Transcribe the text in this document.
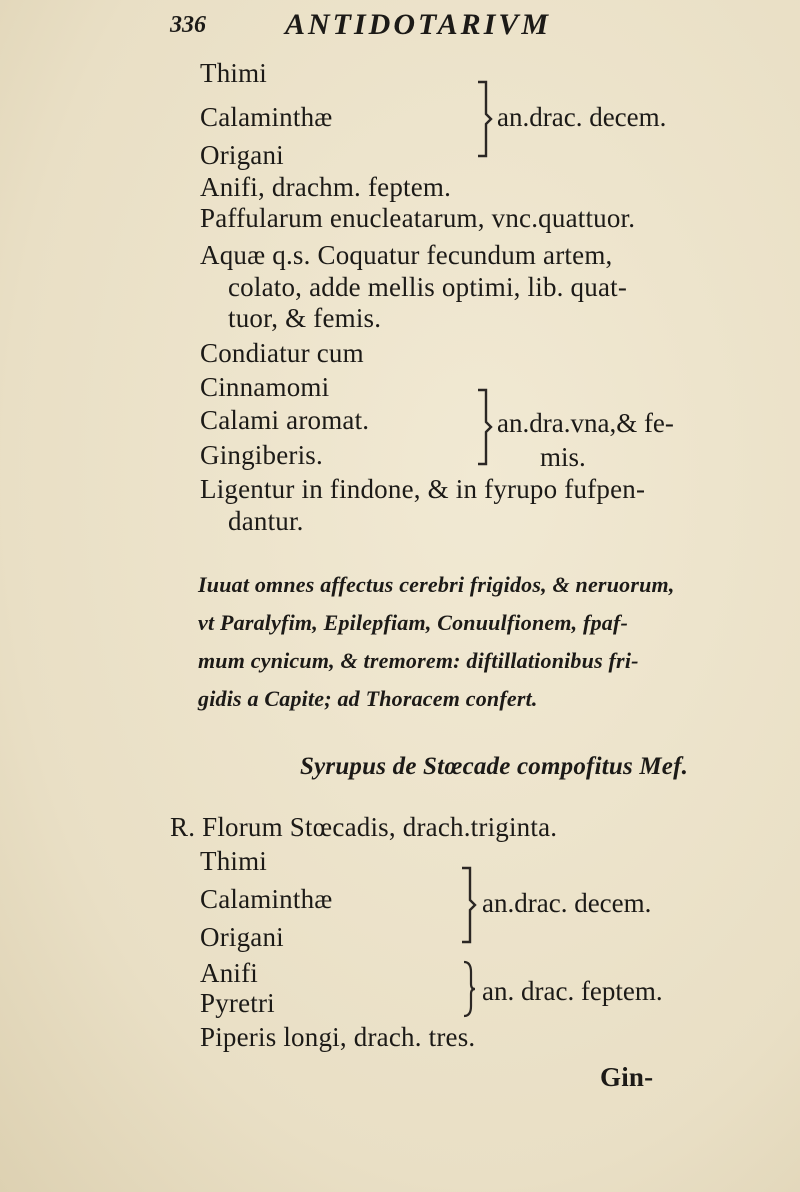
336	ANTIDOTARIVM
Thimi
Calaminthæ
Origani
an.drac. decem.
Anifi, drachm. feptem.
Paffularum enucleatarum, vnc.quattuor.
Aquæ q.s. Coquatur fecundum artem,
colato, adde mellis optimi, lib. quat-
tuor, & femis.
Condiatur cum
Cinnamomi
Calami aromat.
Gingiberis.
an.dra.vna,& fe-
mis.
Ligentur in findone, & in fyrupo fufpen-
dantur.
Iuuat omnes affectus cerebri frigidos, & neruorum,
vt Paralyfim, Epilepfiam, Conuulfionem, fpaf-
mum cynicum, & tremorem: diftillationibus fri-
gidis a Capite; ad Thoracem confert.
Syrupus de Stœcade compofitus Mef.
R. Florum Stœcadis, drach.triginta.
Thimi
Calaminthæ
Origani
an.drac. decem.
Anifi
Pyretri	an. drac. feptem.
Piperis longi, drach. tres.
Gin-
